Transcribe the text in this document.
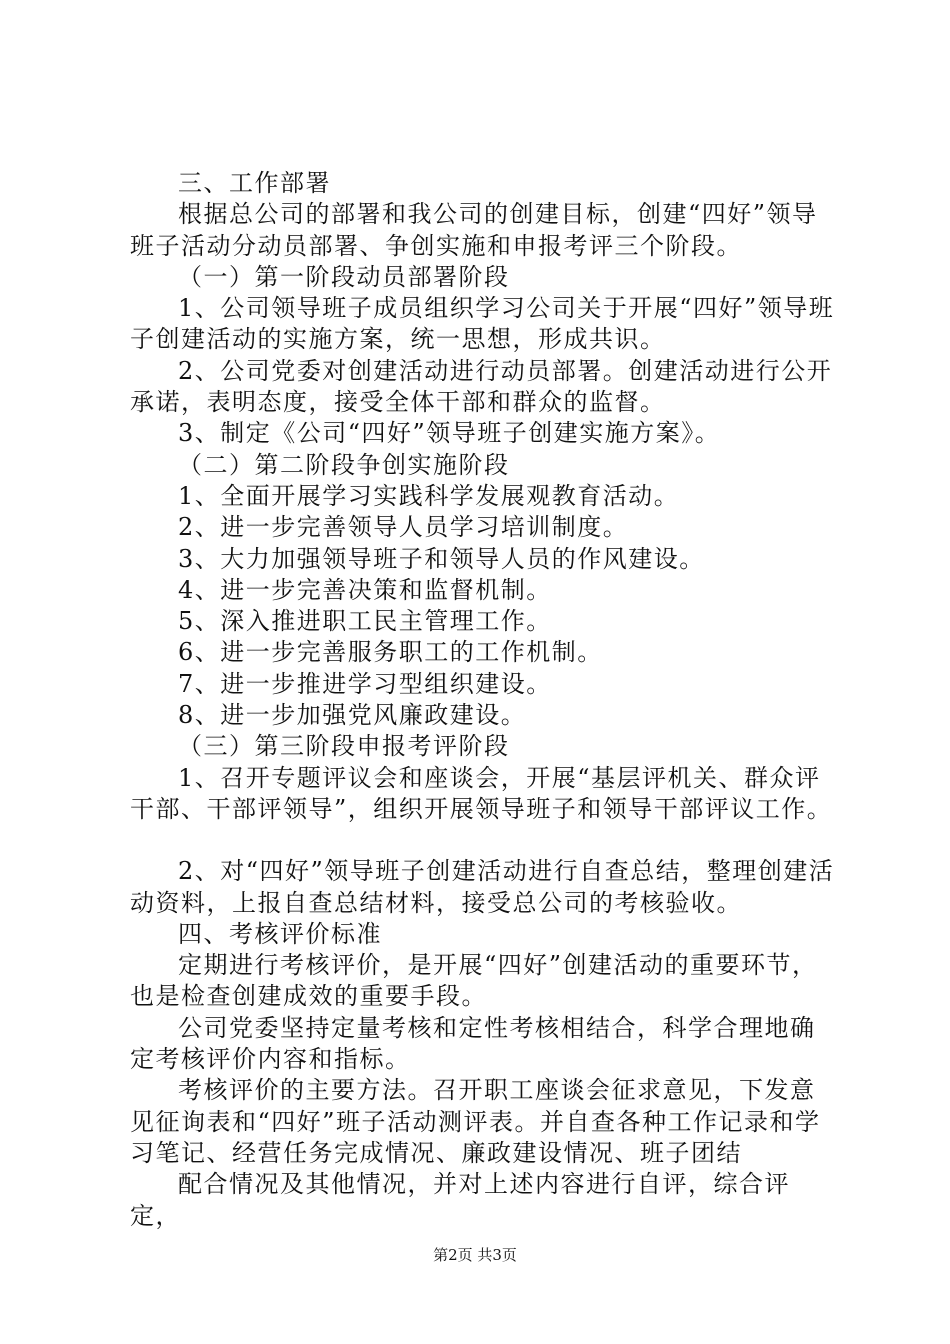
三、工作部署

根据总公司的部署和我公司的创建目标，创建“四好”领导班子活动分动员部署、争创实施和申报考评三个阶段。

（一）第一阶段动员部署阶段

1、公司领导班子成员组织学习公司关于开展“四好”领导班子创建活动的实施方案，统一思想，形成共识。

2、公司党委对创建活动进行动员部署。创建活动进行公开承诺，表明态度，接受全体干部和群众的监督。

3、制定《公司“四好”领导班子创建实施方案》。

（二）第二阶段争创实施阶段

1、全面开展学习实践科学发展观教育活动。

2、进一步完善领导人员学习培训制度。

3、大力加强领导班子和领导人员的作风建设。

4、进一步完善决策和监督机制。

5、深入推进职工民主管理工作。

6、进一步完善服务职工的工作机制。

7、进一步推进学习型组织建设。

8、进一步加强党风廉政建设。

（三）第三阶段申报考评阶段

1、召开专题评议会和座谈会，开展“基层评机关、群众评干部、干部评领导”，组织开展领导班子和领导干部评议工作。

2、对“四好”领导班子创建活动进行自查总结，整理创建活动资料，上报自查总结材料，接受总公司的考核验收。

四、考核评价标准

定期进行考核评价，是开展“四好”创建活动的重要环节，也是检查创建成效的重要手段。

公司党委坚持定量考核和定性考核相结合，科学合理地确定考核评价内容和指标。

考核评价的主要方法。召开职工座谈会征求意见，下发意见征询表和“四好”班子活动测评表。并自查各种工作记录和学习笔记、经营任务完成情况、廉政建设情况、班子团结

配合情况及其他情况，并对上述内容进行自评，综合评定，

第2页 共3页
